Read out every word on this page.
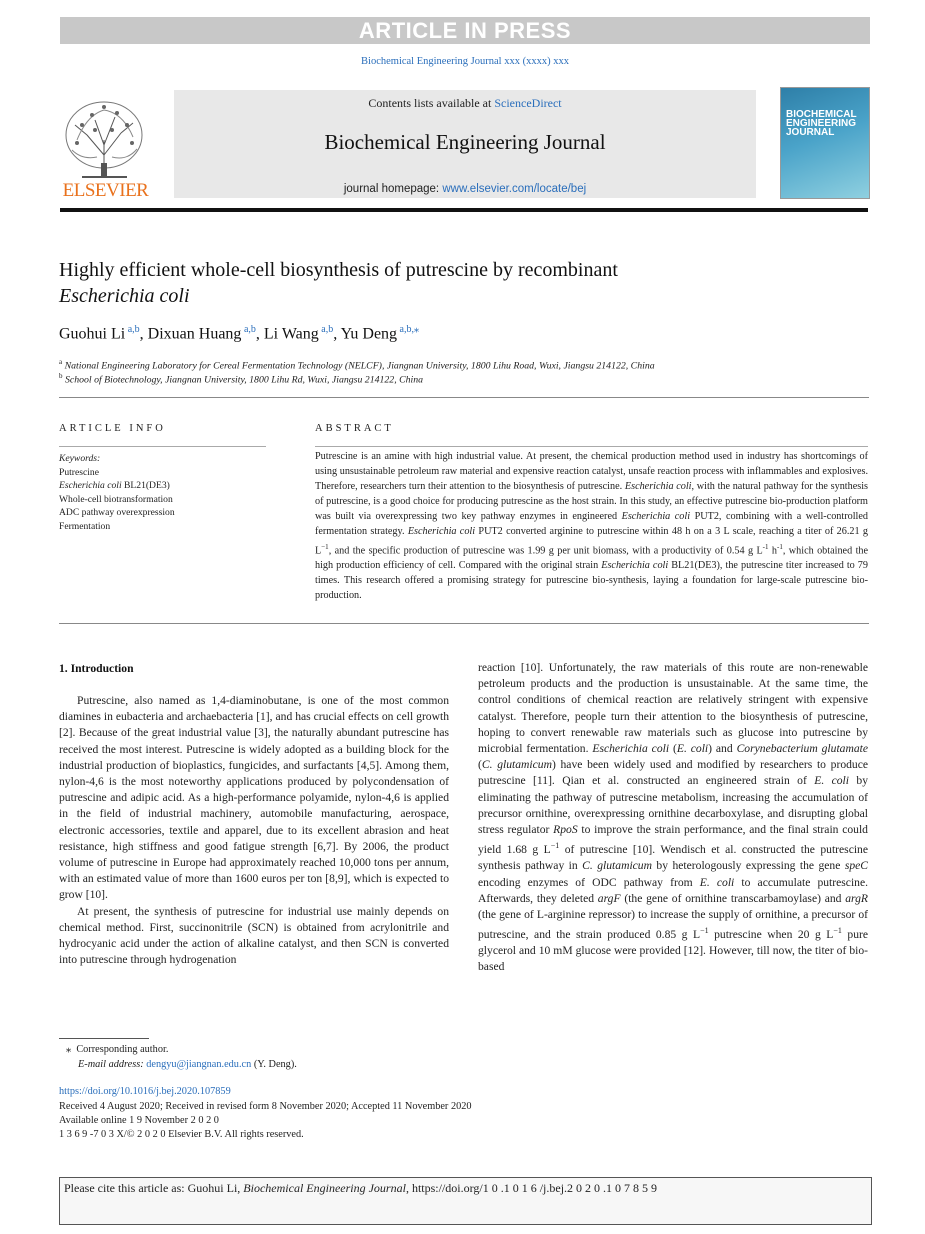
ARTICLE IN PRESS
Biochemical Engineering Journal xxx (xxxx) xxx
ELSEVIER
Contents lists available at ScienceDirect
Biochemical Engineering Journal
journal homepage: www.elsevier.com/locate/bej
BIOCHEMICAL
ENGINEERING
JOURNAL
Highly efficient whole-cell biosynthesis of putrescine by recombinant
Escherichia coli
Guohui Li $^{a,b}$, Dixuan Huang $^{a,b}$, Li Wang $^{a,b}$, Yu Deng $^{a,b,⁎}$
$^a$ National Engineering Laboratory for Cereal Fermentation Technology (NELCF), Jiangnan University, 1800 Lihu Road, Wuxi, Jiangsu 214122, China
$^b$ School of Biotechnology, Jiangnan University, 1800 Lihu Rd, Wuxi, Jiangsu 214122, China
ARTICLE INFO
Keywords:
Putrescine
Escherichia coli BL21(DE3)
Whole-cell biotransformation
ADC pathway overexpression
Fermentation
ABSTRACT
Putrescine is an amine with high industrial value. At present, the chemical production method used in industry has shortcomings of using unsustainable petroleum raw material and expensive reaction catalyst, unsafe reaction process with inflammables and explosives. Therefore, researchers turn their attention to the biosynthesis of putrescine. Escherichia coli, with the natural pathway for the synthesis of putrescine, is a good choice for producing putrescine as the host strain. In this study, an effective putrescine bio-production platform was built via overexpressing two key pathway enzymes in engineered Escherichia coli PUT2, combining with a well-controlled fermentation strategy. Escherichia coli PUT2 converted arginine to putrescine within 48 h on a 3 L scale, reaching a titer of 26.21 g $L^{-1}$, and the specific production of putrescine was 1.99 g per unit biomass, with a productivity of 0.54 g $L^{-1}$ $h^{-1}$, which obtained the high production efficiency of cell. Compared with the original strain Escherichia coli BL21(DE3), the putrescine titer increased to 79 times. This research offered a promising strategy for putrescine bio-synthesis, laying a foundation for large-scale putrescine bio-production.
1. Introduction

Putrescine, also named as 1,4-diaminobutane, is one of the most common diamines in eubacteria and archaebacteria [1], and has crucial effects on cell growth [2]. Because of the great industrial value [3], the naturally abundant putrescine has received the most interest. Putrescine is widely adopted as a building block for the industrial production of bioplastics, fungicides, and surfactants [4,5]. Among them, nylon-4,6 is the most noteworthy applications produced by polycondensation of putrescine and adipic acid. As a high-performance polyamide, nylon-4,6 is applied in the field of industrial machinery, automobile manufacturing, aerospace, electronic accessories, textile and apparel, due to its excellent abrasion and heat resistance, high stiffness and good fatigue strength [6,7]. By 2006, the product volume of putrescine in Europe had approximately reached 10,000 tons per annum, with an estimated value of more than 1600 euros per ton [8,9], which is expected to grow [10].

At present, the synthesis of putrescine for industrial use mainly depends on chemical method. First, succinonitrile (SCN) is obtained from acrylonitrile and hydrocyanic acid under the action of alkaline catalyst, and then SCN is converted into putrescine through hydrogenation

reaction [10]. Unfortunately, the raw materials of this route are non-renewable petroleum products and the production is unsustainable. At the same time, the control conditions of chemical reaction are relatively stringent with expensive catalyst. Therefore, people turn their attention to the biosynthesis of putrescine, hoping to convert renewable raw materials such as glucose into putrescine by microbial fermentation. Escherichia coli (E. coli) and Corynebacterium glutamate (C. glutamicum) have been widely used and modified by researchers to produce putrescine [11]. Qian et al. constructed an engineered strain of E. coli by eliminating the pathway of putrescine metabolism, increasing the accumulation of precursor ornithine, overexpressing ornithine decarboxylase, and disrupting global stress regulator RpoS to improve the strain performance, and the final strain could yield 1.68 g $L^{-1}$ of putrescine [10]. Wendisch et al. constructed the putrescine synthesis pathway in C. glutamicum by heterologously expressing the gene speC encoding enzymes of ODC pathway from E. coli to accumulate putrescine. Afterwards, they deleted argF (the gene of ornithine transcarbamoylase) and argR (the gene of L-arginine repressor) to increase the supply of ornithine, a precursor of putrescine, and the strain produced 0.85 g $L^{-1}$ putrescine when 20 g $L^{-1}$ pure glycerol and 10 mM glucose were provided [12]. However, till now, the titer of bio-based

⁎ Corresponding author.
E-mail address: dengyu@jiangnan.edu.cn (Y. Deng).
https://doi.org/10.1016/j.bej.2020.107859
Received 4 August 2020; Received in revised form 8 November 2020; Accepted 11 November 2020
Available online 1 9 November 2 0 2 0
1 3 6 9 -7 0 3 X/© 2 0 2 0 Elsevier B.V. All rights reserved.
Please cite this article as: Guohui Li, Biochemical Engineering Journal, https://doi.org/1 0 .1 0 1 6 /j.bej.2 0 2 0 .1 0 7 8 5 9
